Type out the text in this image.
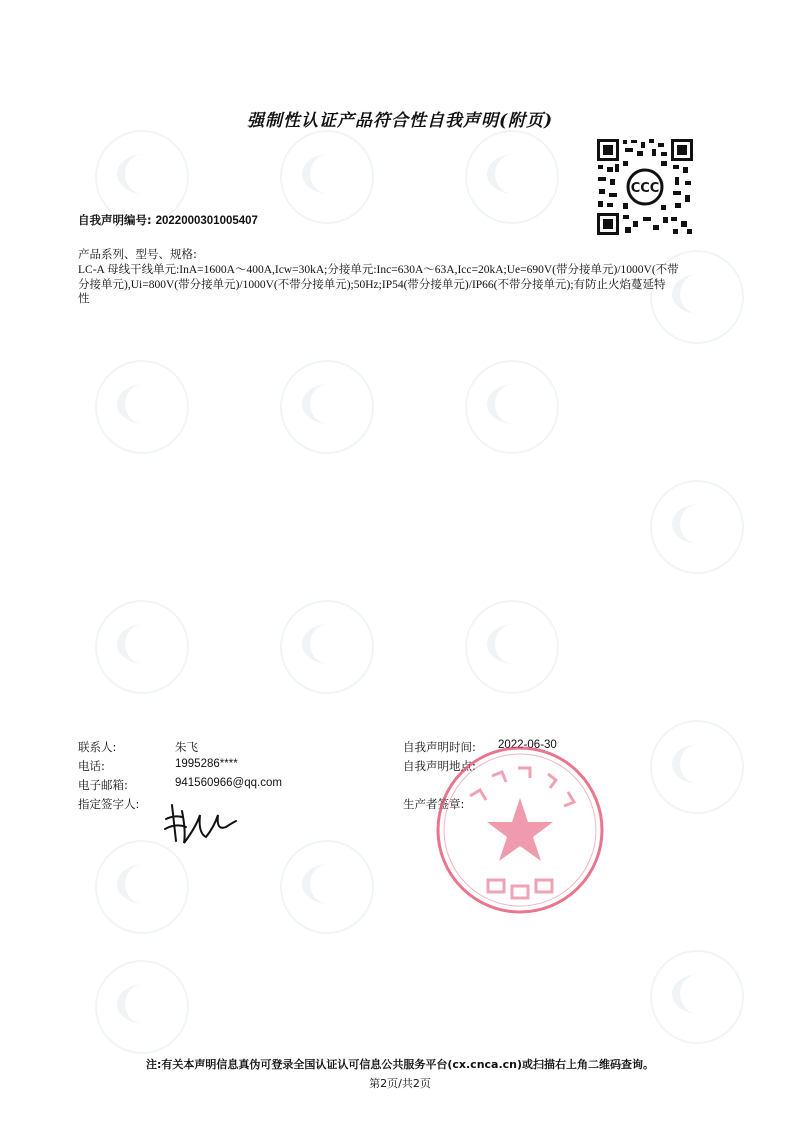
强制性认证产品符合性自我声明(附页)
CCC
自我声明编号: 2022000301005407
产品系列、型号、规格:
LC-A 母线干线单元:InA=1600A～400A,Icw=30kA;分接单元:Inc=630A～63A,Icc=20kA;Ue=690V(带分接单元)/1000V(不带
分接单元),Ui=800V(带分接单元)/1000V(不带分接单元);50Hz;IP54(带分接单元)/IP66(不带分接单元);有防止火焰蔓延特
性
联系人:	朱飞
电话:	1995286****
电子邮箱:	941560966@qq.com
指定签字人:
自我声明时间: 2022-06-30
自我声明地点:
生产者签章:
注:有关本声明信息真伪可登录全国认证认可信息公共服务平台(cx.cnca.cn)或扫描右上角二维码查询。
第2页/共2页
